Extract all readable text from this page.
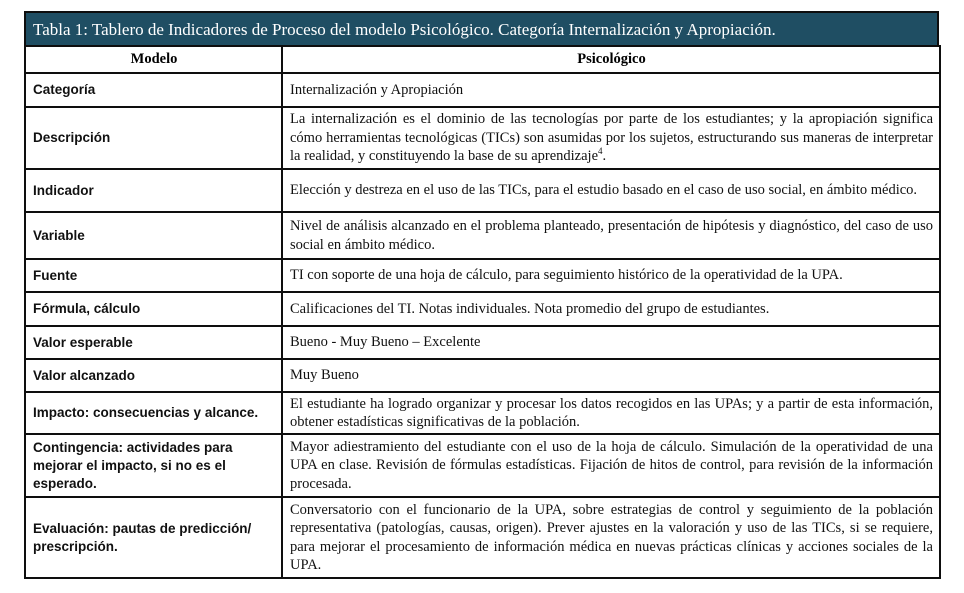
Tabla 1: Tablero de Indicadores de Proceso del modelo Psicológico. Categoría Internalización y Apropiación.
Modelo	Psicológico
Categoría	Internalización y Apropiación
Descripción	La internalización es el dominio de las tecnologías por parte de los estudiantes; y la apropiación significa cómo herramientas tecnológicas (TICs) son asumidas por los sujetos, estructurando sus maneras de interpretar la realidad, y constituyendo la base de su aprendizaje$^4$.
Indicador	Elección y destreza en el uso de las TICs, para el estudio basado en el caso de uso social, en ámbito médico.
Variable	Nivel de análisis alcanzado en el problema planteado, presentación de hipótesis y diagnóstico, del caso de uso social en ámbito médico.
Fuente	TI con soporte de una hoja de cálculo, para seguimiento histórico de la operatividad de la UPA.
Fórmula, cálculo	Calificaciones del TI. Notas individuales. Nota promedio del grupo de estudiantes.
Valor esperable	Bueno - Muy Bueno – Excelente
Valor alcanzado	Muy Bueno
Impacto: consecuencias y alcance.	El estudiante ha logrado organizar y procesar los datos recogidos en las UPAs; y a partir de esta información, obtener estadísticas significativas de la población.
Contingencia: actividades para mejorar el impacto, si no es el esperado.	Mayor adiestramiento del estudiante con el uso de la hoja de cálculo. Simulación de la operatividad de una UPA en clase. Revisión de fórmulas estadísticas. Fijación de hitos de control, para revisión de la información procesada.
Evaluación: pautas de predicción/ prescripción.	Conversatorio con el funcionario de la UPA, sobre estrategias de control y seguimiento de la población representativa (patologías, causas, origen). Prever ajustes en la valoración y uso de las TICs, si se requiere, para mejorar el procesamiento de información médica en nuevas prácticas clínicas y acciones sociales de la UPA.
